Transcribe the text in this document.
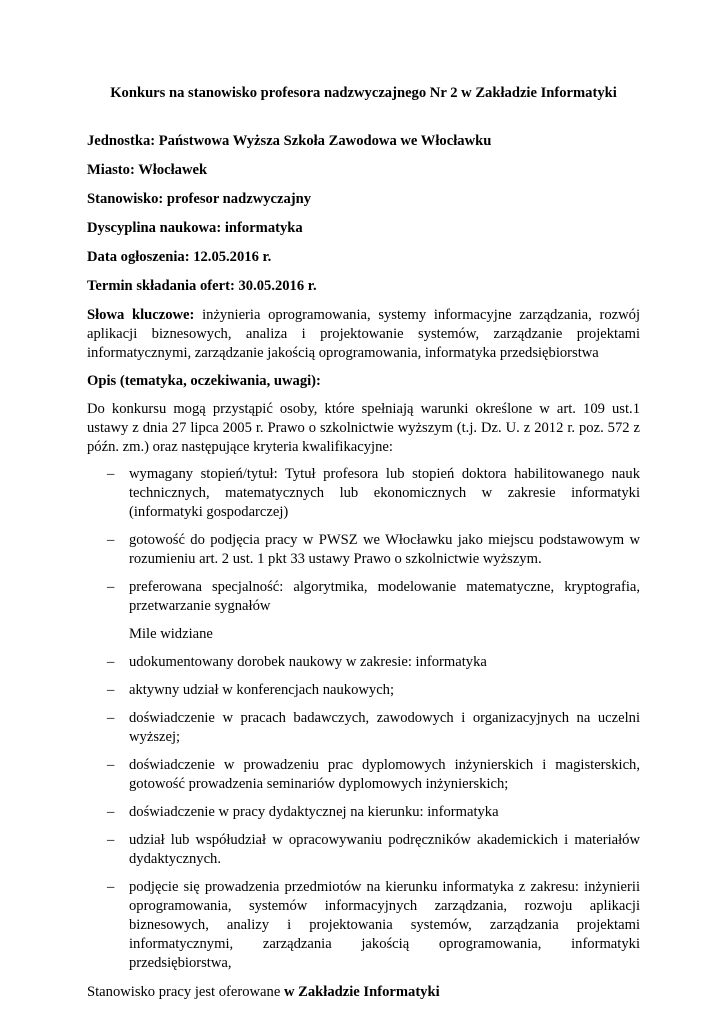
Konkurs na stanowisko profesora nadzwyczajnego Nr 2 w Zakładzie Informatyki
Jednostka: Państwowa Wyższa Szkoła Zawodowa we Włocławku
Miasto: Włocławek
Stanowisko: profesor nadzwyczajny
Dyscyplina naukowa: informatyka
Data ogłoszenia: 12.05.2016 r.
Termin składania ofert: 30.05.2016 r.
Słowa kluczowe: inżynieria oprogramowania, systemy informacyjne zarządzania, rozwój aplikacji biznesowych, analiza i projektowanie systemów, zarządzanie projektami informatycznymi, zarządzanie jakością oprogramowania, informatyka przedsiębiorstwa
Opis (tematyka, oczekiwania, uwagi):
Do konkursu mogą przystąpić osoby, które spełniają warunki określone w art. 109 ust.1 ustawy z dnia 27 lipca 2005 r. Prawo o szkolnictwie wyższym (t.j. Dz. U. z 2012 r. poz. 572 z późn. zm.) oraz następujące kryteria kwalifikacyjne:
– wymagany stopień/tytuł: Tytuł profesora lub stopień doktora habilitowanego nauk technicznych, matematycznych lub ekonomicznych w zakresie informatyki (informatyki gospodarczej)
– gotowość do podjęcia pracy w PWSZ we Włocławku jako miejscu podstawowym w rozumieniu art. 2 ust. 1 pkt 33 ustawy Prawo o szkolnictwie wyższym.
– preferowana specjalność: algorytmika, modelowanie matematyczne, kryptografia, przetwarzanie sygnałów
Mile widziane
– udokumentowany dorobek naukowy w zakresie: informatyka
– aktywny udział w konferencjach naukowych;
– doświadczenie w pracach badawczych, zawodowych i organizacyjnych na uczelni wyższej;
– doświadczenie w prowadzeniu prac dyplomowych inżynierskich i magisterskich, gotowość prowadzenia seminariów dyplomowych inżynierskich;
– doświadczenie w pracy dydaktycznej na kierunku: informatyka
– udział lub współudział w opracowywaniu podręczników akademickich i materiałów dydaktycznych.
– podjęcie się prowadzenia przedmiotów na kierunku informatyka z zakresu: inżynierii oprogramowania, systemów informacyjnych zarządzania, rozwoju aplikacji biznesowych, analizy i projektowania systemów, zarządzania projektami informatycznymi, zarządzania jakością oprogramowania, informatyki przedsiębiorstwa,
Stanowisko pracy jest oferowane w Zakładzie Informatyki
